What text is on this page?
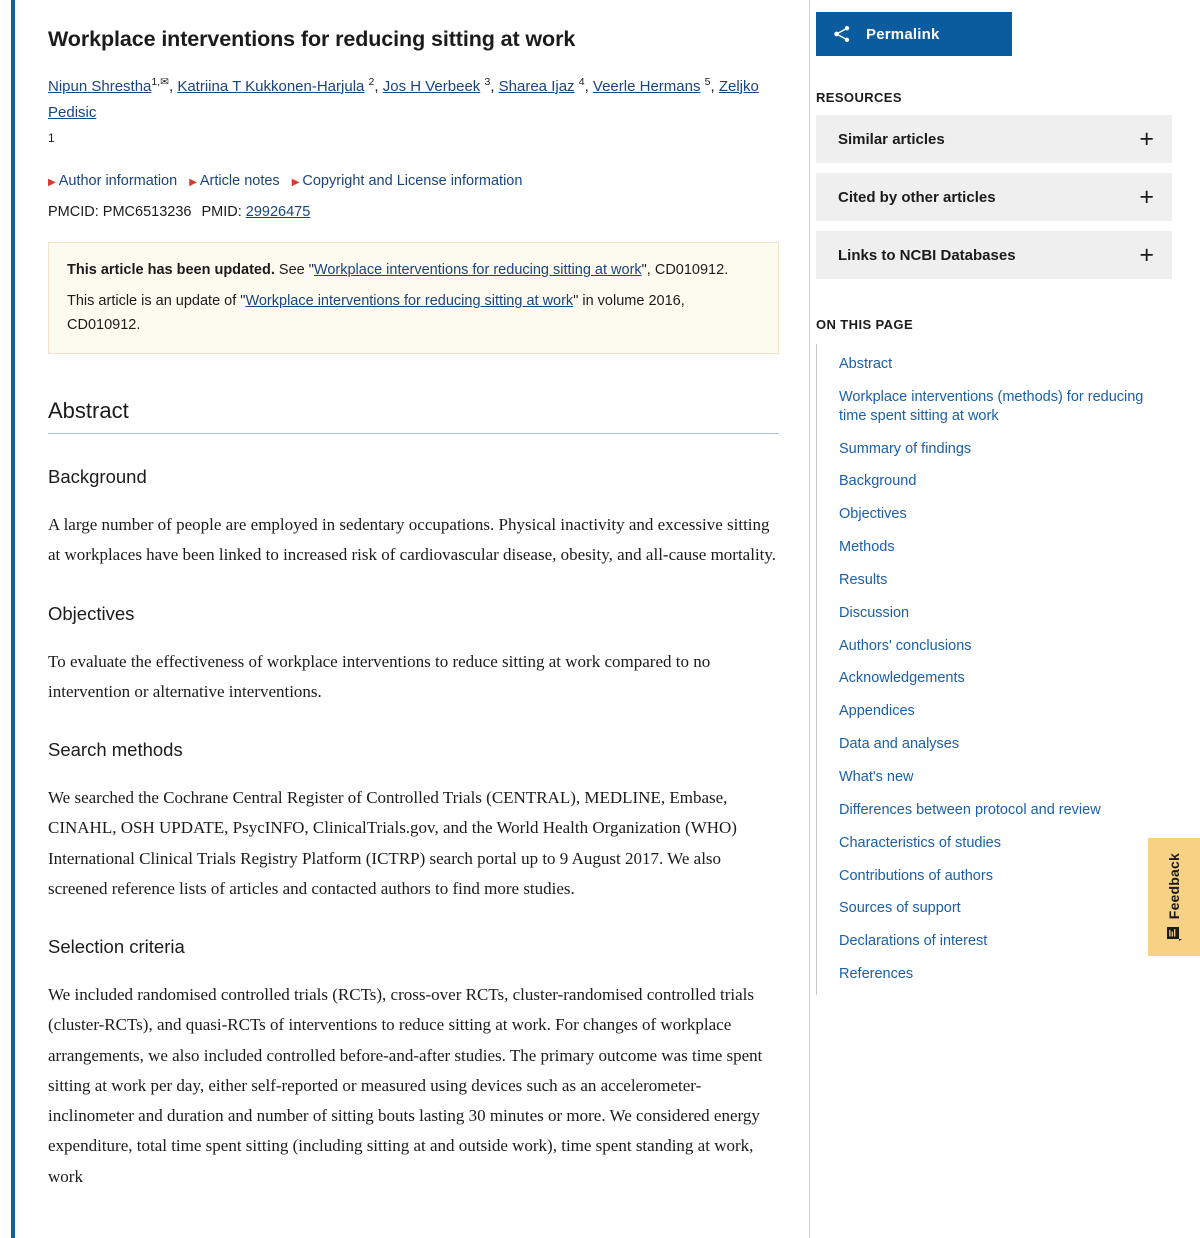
Workplace interventions for reducing sitting at work
Nipun Shrestha$^{1,✉}$, Katriina T Kukkonen-Harjula $^2$, Jos H Verbeek $^3$, Sharea Ijaz $^4$, Veerle Hermans $^5$, Zeljko Pedisic
1
▶ Author information ▶ Article notes ▶ Copyright and License information
PMCID: PMC6513236 PMID: 29926475
This article has been updated. See "Workplace interventions for reducing sitting at work", CD010912.
This article is an update of "Workplace interventions for reducing sitting at work" in volume 2016, CD010912.
Abstract
Background

A large number of people are employed in sedentary occupations. Physical inactivity and excessive sitting at workplaces have been linked to increased risk of cardiovascular disease, obesity, and all-cause mortality.

Objectives

To evaluate the effectiveness of workplace interventions to reduce sitting at work compared to no intervention or alternative interventions.

Search methods

We searched the Cochrane Central Register of Controlled Trials (CENTRAL), MEDLINE, Embase, CINAHL, OSH UPDATE, PsycINFO, ClinicalTrials.gov, and the World Health Organization (WHO) International Clinical Trials Registry Platform (ICTRP) search portal up to 9 August 2017. We also screened reference lists of articles and contacted authors to find more studies.

Selection criteria

We included randomised controlled trials (RCTs), cross-over RCTs, cluster-randomised controlled trials (cluster-RCTs), and quasi-RCTs of interventions to reduce sitting at work. For changes of workplace arrangements, we also included controlled before-and-after studies. The primary outcome was time spent sitting at work per day, either self-reported or measured using devices such as an accelerometer-inclinometer and duration and number of sitting bouts lasting 30 minutes or more. We considered energy expenditure, total time spent sitting (including sitting at and outside work), time spent standing at work, work

Permalink
RESOURCES
Similar articles	+
Cited by other articles	+
Links to NCBI Databases	+
ON THIS PAGE
Abstract
Workplace interventions (methods) for reducing time spent sitting at work
Summary of findings
Background
Objectives
Methods
Results
Discussion
Authors' conclusions
Acknowledgements
Appendices
Data and analyses
What's new
Differences between protocol and review
Characteristics of studies
Contributions of authors
Sources of support
Declarations of interest
References
Feedback
